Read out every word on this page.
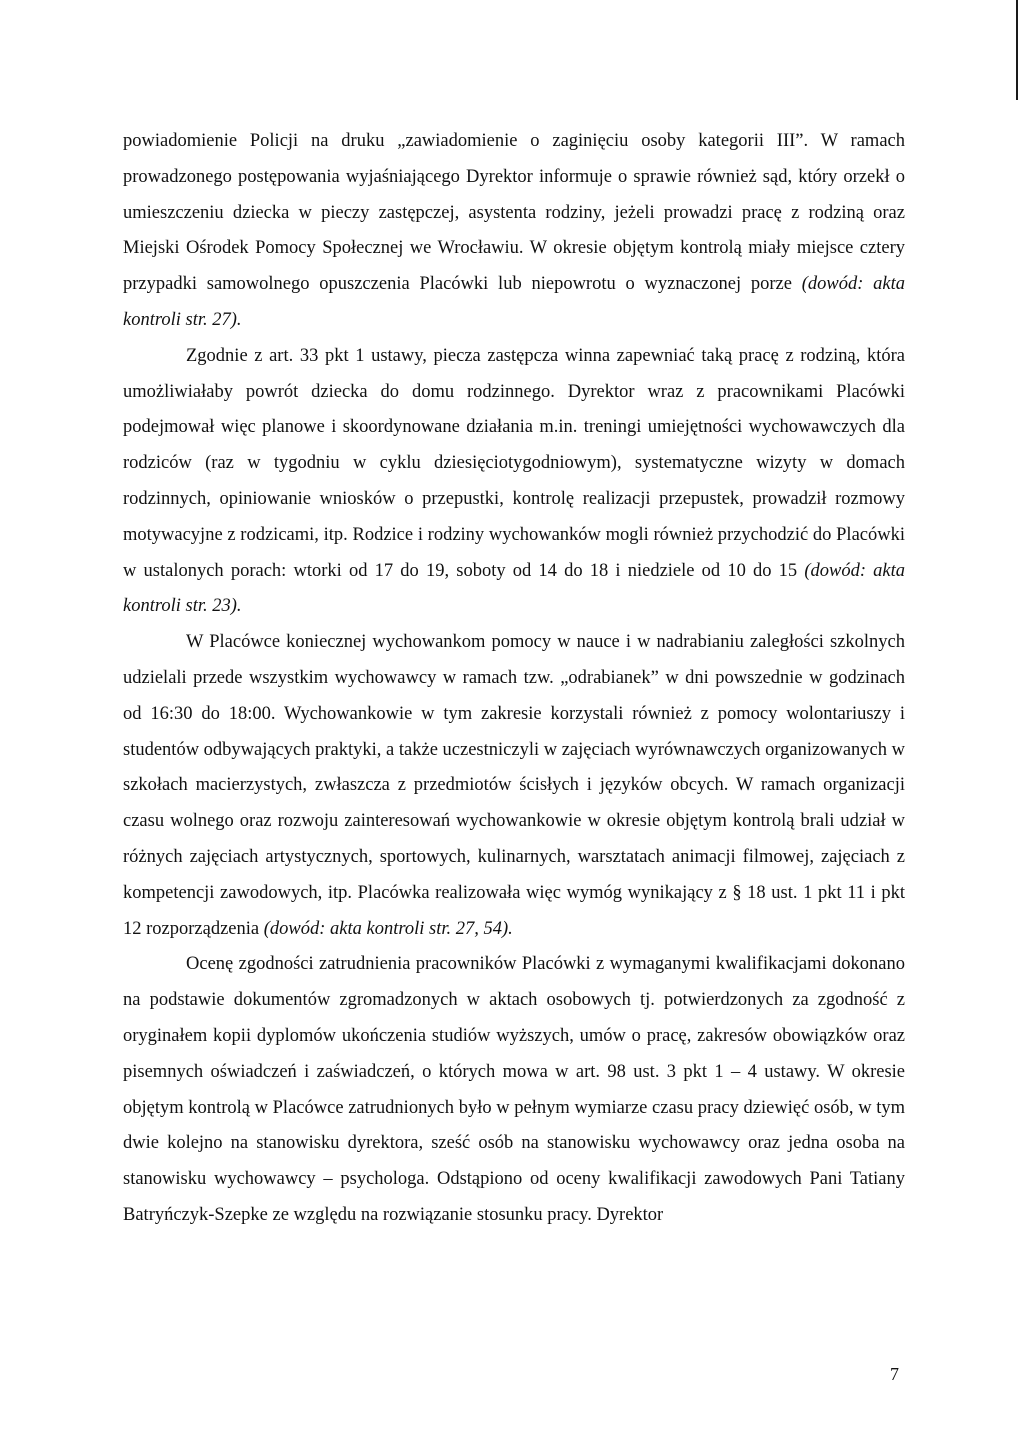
powiadomienie Policji na druku „zawiadomienie o zaginięciu osoby kategorii III”. W ramach prowadzonego postępowania wyjaśniającego Dyrektor informuje o sprawie również sąd, który orzekł o umieszczeniu dziecka w pieczy zastępczej, asystenta rodziny, jeżeli prowadzi pracę z rodziną oraz Miejski Ośrodek Pomocy Społecznej we Wrocławiu. W okresie objętym kontrolą miały miejsce cztery przypadki samowolnego opuszczenia Placówki lub niepowrotu o wyznaczonej porze (dowód: akta kontroli str. 27).

Zgodnie z art. 33 pkt 1 ustawy, piecza zastępcza winna zapewniać taką pracę z rodziną, która umożliwiałaby powrót dziecka do domu rodzinnego. Dyrektor wraz z pracownikami Placówki podejmował więc planowe i skoordynowane działania m.in. treningi umiejętności wychowawczych dla rodziców (raz w tygodniu w cyklu dziesięciotygodniowym), systematyczne wizyty w domach rodzinnych, opiniowanie wniosków o przepustki, kontrolę realizacji przepustek, prowadził rozmowy motywacyjne z rodzicami, itp. Rodzice i rodziny wychowanków mogli również przychodzić do Placówki w ustalonych porach: wtorki od 17 do 19, soboty od 14 do 18 i niedziele od 10 do 15 (dowód: akta kontroli str. 23).

W Placówce koniecznej wychowankom pomocy w nauce i w nadrabianiu zaległości szkolnych udzielali przede wszystkim wychowawcy w ramach tzw. „odrabianek” w dni powszednie w godzinach od 16:30 do 18:00. Wychowankowie w tym zakresie korzystali również z pomocy wolontariuszy i studentów odbywających praktyki, a także uczestniczyli w zajęciach wyrównawczych organizowanych w szkołach macierzystych, zwłaszcza z przedmiotów ścisłych i języków obcych. W ramach organizacji czasu wolnego oraz rozwoju zainteresowań wychowankowie w okresie objętym kontrolą brali udział w różnych zajęciach artystycznych, sportowych, kulinarnych, warsztatach animacji filmowej, zajęciach z kompetencji zawodowych, itp. Placówka realizowała więc wymóg wynikający z § 18 ust. 1 pkt 11 i pkt 12 rozporządzenia (dowód: akta kontroli str. 27, 54).

Ocenę zgodności zatrudnienia pracowników Placówki z wymaganymi kwalifikacjami dokonano na podstawie dokumentów zgromadzonych w aktach osobowych tj. potwierdzonych za zgodność z oryginałem kopii dyplomów ukończenia studiów wyższych, umów o pracę, zakresów obowiązków oraz pisemnych oświadczeń i zaświadczeń, o których mowa w art. 98 ust. 3 pkt 1 – 4 ustawy. W okresie objętym kontrolą w Placówce zatrudnionych było w pełnym wymiarze czasu pracy dziewięć osób, w tym dwie kolejno na stanowisku dyrektora, sześć osób na stanowisku wychowawcy oraz jedna osoba na stanowisku wychowawcy – psychologa. Odstąpiono od oceny kwalifikacji zawodowych Pani Tatiany Batryńczyk-Szepke ze względu na rozwiązanie stosunku pracy. Dyrektor

7
